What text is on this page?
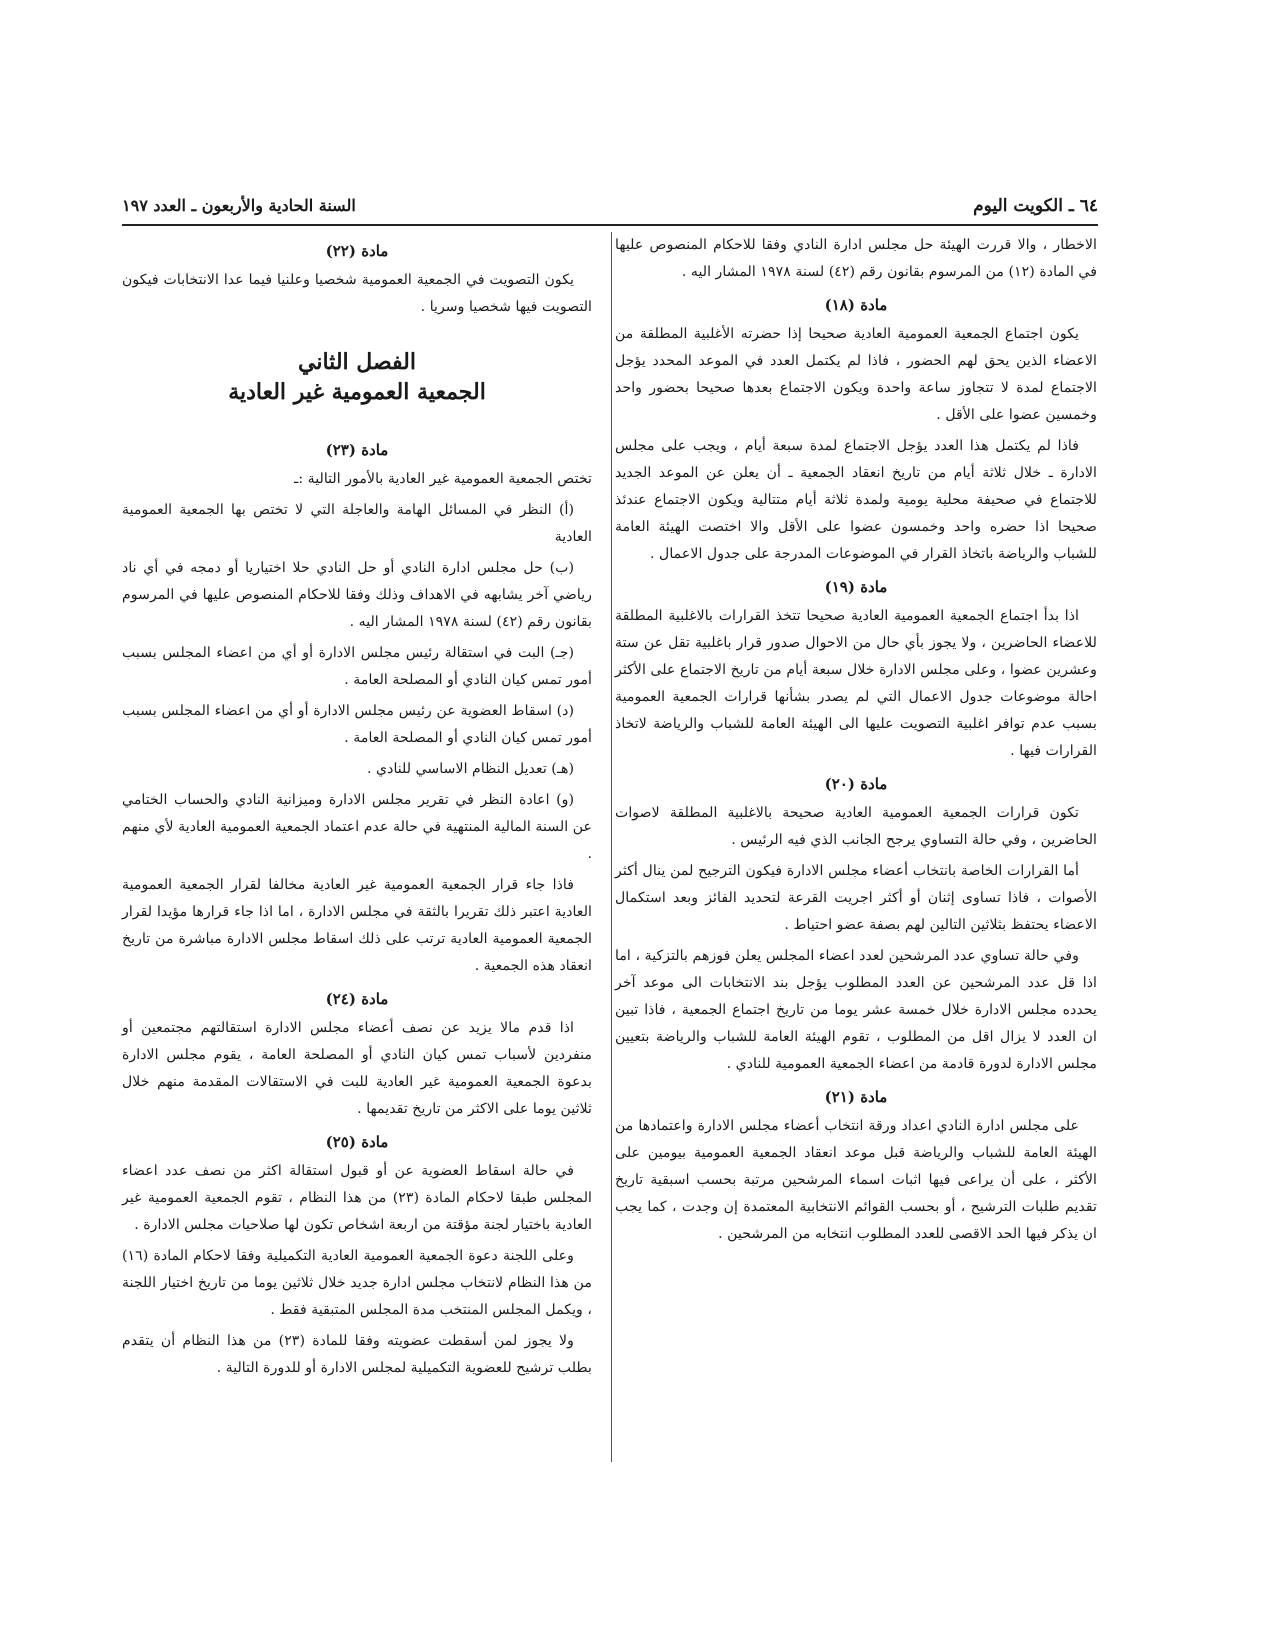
٦٤ ـ الكويت اليوم
السنة الحادية والأربعون ـ العدد ١٩٧
الاخطار ، والا قررت الهيئة حل مجلس ادارة النادي وفقا للاحكام المنصوص عليها في المادة (١٢) من المرسوم بقانون رقم (٤٢) لسنة ١٩٧٨ المشار اليه .
مادة (١٨)
يكون اجتماع الجمعية العمومية العادية صحيحا إذا حضرته الأغلبية المطلقة من الاعضاء الذين يحق لهم الحضور ، فاذا لم يكتمل العدد في الموعد المحدد يؤجل الاجتماع لمدة لا تتجاوز ساعة واحدة ويكون الاجتماع بعدها صحيحا بحضور واحد وخمسين عضوا على الأقل .
فاذا لم يكتمل هذا العدد يؤجل الاجتماع لمدة سبعة أيام ، ويجب على مجلس الادارة ـ خلال ثلاثة أيام من تاريخ انعقاد الجمعية ـ أن يعلن عن الموعد الجديد للاجتماع في صحيفة محلية يومية ولمدة ثلاثة أيام متتالية ويكون الاجتماع عندئذ صحيحا اذا حضره واحد وخمسون عضوا على الأقل والا اختصت الهيئة العامة للشباب والرياضة باتخاذ القرار في الموضوعات المدرجة على جدول الاعمال .
مادة (١٩)
اذا بدأ اجتماع الجمعية العمومية العادية صحيحا تتخذ القرارات بالاغلبية المطلقة للاعضاء الحاضرين ، ولا يجوز بأي حال من الاحوال صدور قرار باغلبية تقل عن ستة وعشرين عضوا ، وعلى مجلس الادارة خلال سبعة أيام من تاريخ الاجتماع على الأكثر احالة موضوعات جدول الاعمال التي لم يصدر بشأنها قرارات الجمعية العمومية بسبب عدم توافر اغلبية التصويت عليها الى الهيئة العامة للشباب والرياضة لاتخاذ القرارات فيها .
مادة (٢٠)
تكون قرارات الجمعية العمومية العادية صحيحة بالاغلبية المطلقة لاصوات الحاضرين ، وفي حالة التساوي يرجح الجانب الذي فيه الرئيس .
أما القرارات الخاصة بانتخاب أعضاء مجلس الادارة فيكون الترجيح لمن ينال أكثر الأصوات ، فاذا تساوى إثنان أو أكثر اجريت القرعة لتحديد الفائز وبعد استكمال الاعضاء يحتفظ بثلاثين التالين لهم بصفة عضو احتياط .
وفي حالة تساوي عدد المرشحين لعدد اعضاء المجلس يعلن فوزهم بالتزكية ، اما اذا قل عدد المرشحين عن العدد المطلوب يؤجل بند الانتخابات الى موعد آخر يحدده مجلس الادارة خلال خمسة عشر يوما من تاريخ اجتماع الجمعية ، فاذا تبين ان العدد لا يزال اقل من المطلوب ، تقوم الهيئة العامة للشباب والرياضة بتعيين مجلس الادارة لدورة قادمة من اعضاء الجمعية العمومية للنادي .
مادة (٢١)
على مجلس ادارة النادي اعداد ورقة انتخاب أعضاء مجلس الادارة واعتمادها من الهيئة العامة للشباب والرياضة قبل موعد انعقاد الجمعية العمومية بيومين على الأكثر ، على أن يراعى فيها اثبات اسماء المرشحين مرتبة بحسب اسبقية تاريخ تقديم طلبات الترشيح ، أو بحسب القوائم الانتخابية المعتمدة إن وجدت ، كما يجب ان يذكر فيها الحد الاقصى للعدد المطلوب انتخابه من المرشحين .
مادة (٢٢)
يكون التصويت في الجمعية العمومية شخصيا وعلنيا فيما عدا الانتخابات فيكون التصويت فيها شخصيا وسريا .
الفصل الثاني
الجمعية العمومية غير العادية
مادة (٢٣)
تختص الجمعية العمومية غير العادية بالأمور التالية :ـ
(أ) النظر في المسائل الهامة والعاجلة التي لا تختص بها الجمعية العمومية العادية
(ب) حل مجلس ادارة النادي أو حل النادي حلا اختياريا أو دمجه في أي ناد رياضي آخر يشابهه في الاهداف وذلك وفقا للاحكام المنصوص عليها في المرسوم بقانون رقم (٤٢) لسنة ١٩٧٨ المشار اليه .
(جـ) البت في استقالة رئيس مجلس الادارة أو أي من اعضاء المجلس بسبب أمور تمس كيان النادي أو المصلحة العامة .
(د) اسقاط العضوية عن رئيس مجلس الادارة أو أي من اعضاء المجلس بسبب أمور تمس كيان النادي أو المصلحة العامة .
(هـ) تعديل النظام الاساسي للنادي .
(و) اعادة النظر في تقرير مجلس الادارة وميزانية النادي والحساب الختامي عن السنة المالية المنتهية في حالة عدم اعتماد الجمعية العمومية العادية لأي منهم .
فاذا جاء قرار الجمعية العمومية غير العادية مخالفا لقرار الجمعية العمومية العادية اعتبر ذلك تقريرا بالثقة في مجلس الادارة ، اما اذا جاء قرارها مؤيدا لقرار الجمعية العمومية العادية ترتب على ذلك اسقاط مجلس الادارة مباشرة من تاريخ انعقاد هذه الجمعية .
مادة (٢٤)
اذا قدم مالا يزيد عن نصف أعضاء مجلس الادارة استقالتهم مجتمعين أو منفردين لأسباب تمس كيان النادي أو المصلحة العامة ، يقوم مجلس الادارة بدعوة الجمعية العمومية غير العادية للبت في الاستقالات المقدمة منهم خلال ثلاثين يوما على الاكثر من تاريخ تقديمها .
مادة (٢٥)
في حالة اسقاط العضوية عن أو قبول استقالة اكثر من نصف عدد اعضاء المجلس طبقا لاحكام المادة (٢٣) من هذا النظام ، تقوم الجمعية العمومية غير العادية باختيار لجنة مؤقتة من اربعة اشخاص تكون لها صلاحيات مجلس الادارة .
وعلى اللجنة دعوة الجمعية العمومية العادية التكميلية وفقا لاحكام المادة (١٦) من هذا النظام لانتخاب مجلس ادارة جديد خلال ثلاثين يوما من تاريخ اختيار اللجنة ، ويكمل المجلس المنتخب مدة المجلس المتبقية فقط .
ولا يجوز لمن أسقطت عضويته وفقا للمادة (٢٣) من هذا النظام أن يتقدم بطلب ترشيح للعضوية التكميلية لمجلس الادارة أو للدورة التالية .
